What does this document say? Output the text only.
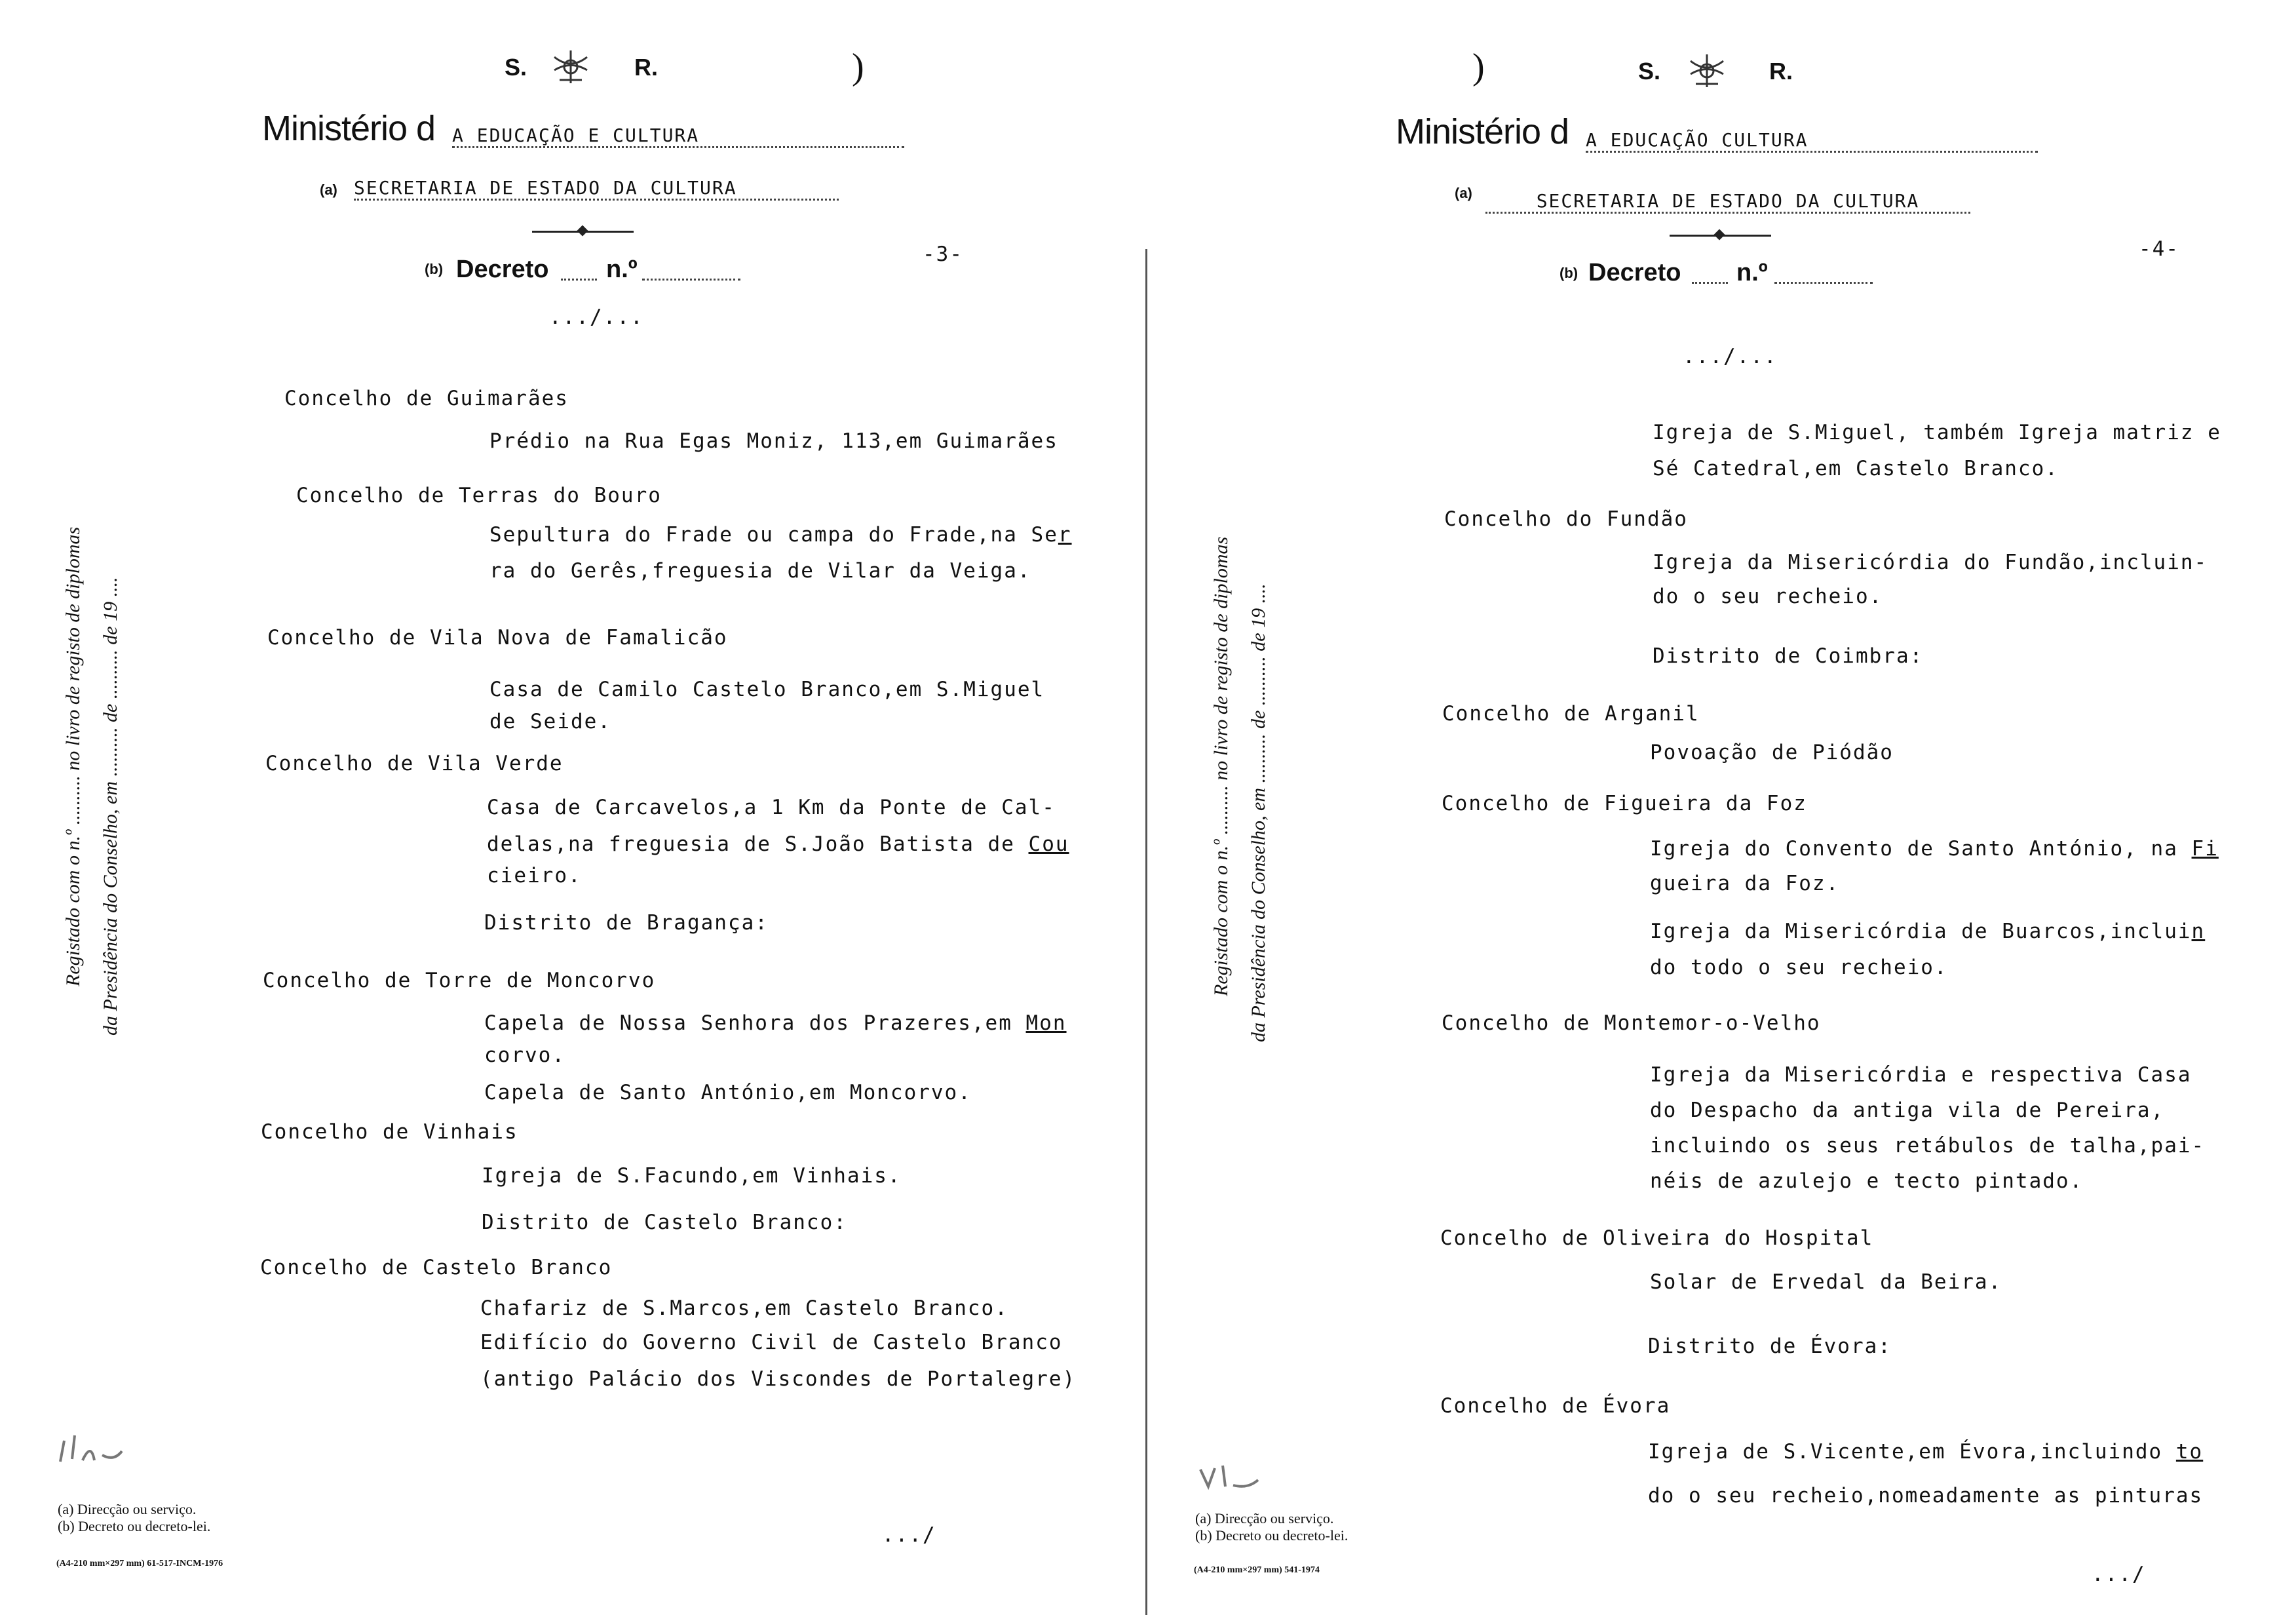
S.	R.	)
Ministério d A EDUCAÇÃO E CULTURA
(a) SECRETARIA DE ESTADO DA CULTURA
(b) Decreto n.º
-3-
.../...
Registado com o n.º .......... no livro de registo de diplomas da Presidência do Conselho, em .......... de .......... de 19 ....
Concelho de Guimarães
Prédio na Rua Egas Moniz, 113,em Guimarães
Concelho de Terras do Bouro
Sepultura do Frade ou campa do Frade,na Ser
ra do Gerês,freguesia de Vilar da Veiga.
Concelho de Vila Nova de Famalicão
Casa de Camilo Castelo Branco,em S.Miguel
de Seide.
Concelho de Vila Verde
Casa de Carcavelos,a 1 Km da Ponte de Cal-
delas,na freguesia de S.João Batista de Cou
cieiro.
Distrito de Bragança:
Concelho de Torre de Moncorvo
Capela de Nossa Senhora dos Prazeres,em Mon
corvo.
Capela de Santo António,em Moncorvo.
Concelho de Vinhais
Igreja de S.Facundo,em Vinhais.
Distrito de Castelo Branco:
Concelho de Castelo Branco
Chafariz de S.Marcos,em Castelo Branco.
Edifício do Governo Civil de Castelo Branco
(antigo Palácio dos Viscondes de Portalegre)
(a) Direcção ou serviço.
(b) Decreto ou decreto-lei.
(A4-210 mm×297 mm) 61-517-INCM-1976
.../
)	S.	R.
Ministério d A EDUCAÇÃO CULTURA
(a)	SECRETARIA DE ESTADO DA CULTURA
(b) Decreto n.º
-4-
.../...
Registado com o n.º .......... no livro de registo de diplomas da Presidência do Conselho, em .......... de .......... de 19 ....
Igreja de S.Miguel, também Igreja matriz e
Sé Catedral,em Castelo Branco.
Concelho do Fundão
Igreja da Misericórdia do Fundão,incluin-
do o seu recheio.
Distrito de Coimbra:
Concelho de Arganil
Povoação de Piódão
Concelho de Figueira da Foz
Igreja do Convento de Santo António, na Fi
gueira da Foz.
Igreja da Misericórdia de Buarcos,incluin
do todo o seu recheio.
Concelho de Montemor-o-Velho
Igreja da Misericórdia e respectiva Casa
do Despacho da antiga vila de Pereira,
incluindo os seus retábulos de talha,pai-
néis de azulejo e tecto pintado.
Concelho de Oliveira do Hospital
Solar de Ervedal da Beira.
Distrito de Évora:
Concelho de Évora
Igreja de S.Vicente,em Évora,incluindo to
do o seu recheio,nomeadamente as pinturas
(a) Direcção ou serviço.
(b) Decreto ou decreto-lei.
(A4-210 mm×297 mm) 541-1974	.../
